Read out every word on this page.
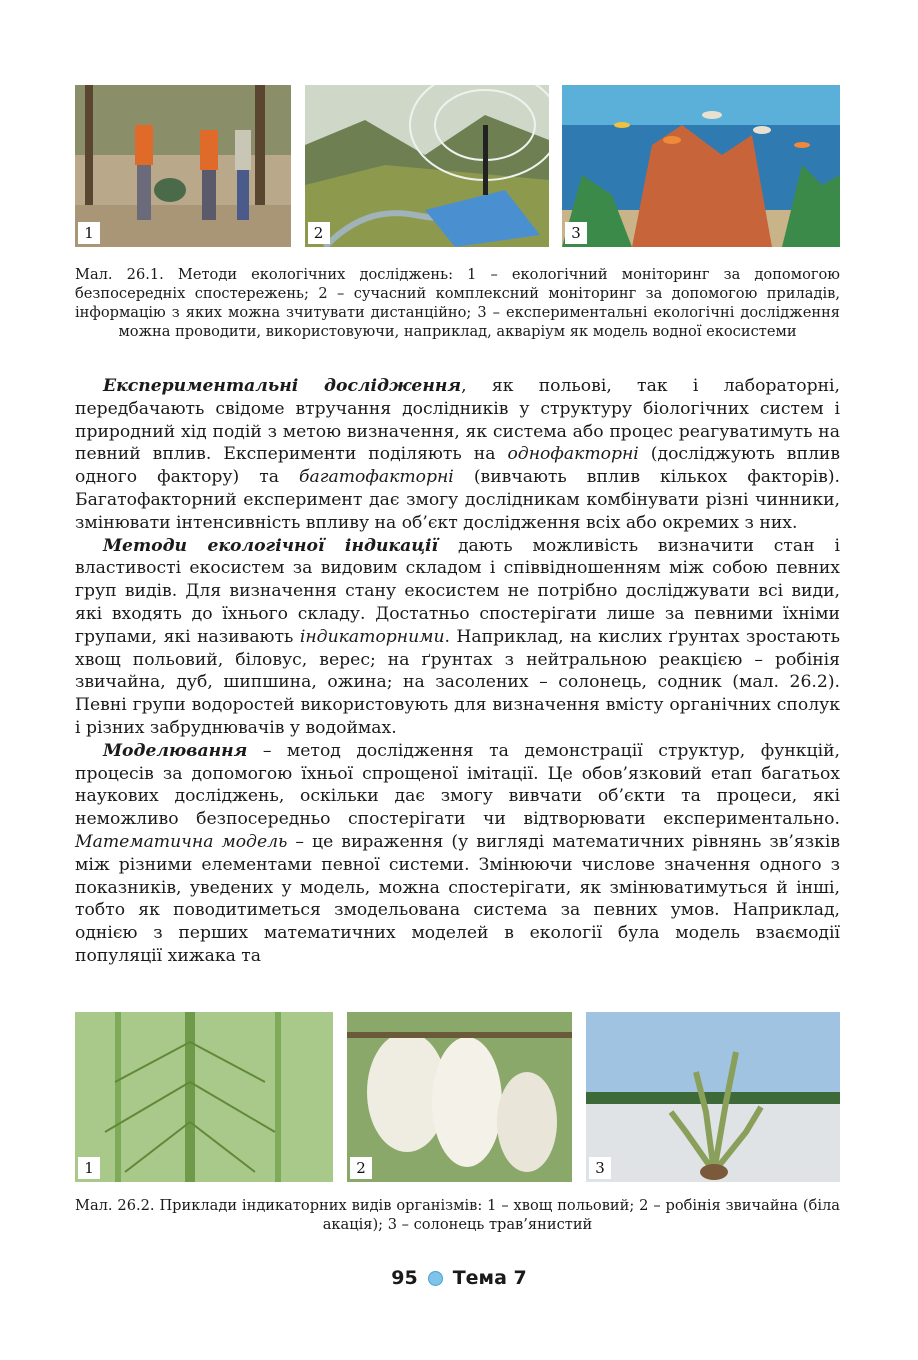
1	2	3
Мал. 26.1. Методи екологічних досліджень: 1 – екологічний моніторинг за допомогою безпосередніх спостережень; 2 – сучасний комплексний моніторинг за допомогою приладів, інформацію з яких можна зчитувати дистанційно; 3 – експериментальні екологічні дослідження можна проводити, використовуючи, наприклад, акваріум як модель водної екосистеми

Експериментальні дослідження, як польові, так і лабораторні, передбачають свідоме втручання дослідників у структуру біологічних систем і природний хід подій з метою визначення, як система або процес реагуватимуть на певний вплив. Експерименти поділяють на однофакторні (досліджують вплив одного фактору) та багатофакторні (вивчають вплив кількох факторів). Багатофакторний експеримент дає змогу дослідникам комбінувати різні чинники, змінювати інтенсивність впливу на об’єкт дослідження всіх або окремих з них.

Методи екологічної індикації дають можливість визначити стан і властивості екосистем за видовим складом і співвідношенням між собою певних груп видів. Для визначення стану екосистем не потрібно досліджувати всі види, які входять до їхнього складу. Достатньо спостерігати лише за певними їхніми групами, які називають індикаторними. Наприклад, на кислих ґрунтах зростають хвощ польовий, біловус, верес; на ґрунтах з нейтральною реакцією – робінія звичайна, дуб, шипшина, ожина; на засолених – солонець, содник (мал. 26.2). Певні групи водоростей використовують для визначення вмісту органічних сполук і різних забруднювачів у водоймах.

Моделювання – метод дослідження та демонстрації структур, функцій, процесів за допомогою їхньої спрощеної імітації. Це обов’язковий етап багатьох наукових досліджень, оскільки дає змогу вивчати об’єкти та процеси, які неможливо безпосередньо спостерігати чи відтворювати експериментально. Математична модель – це вираження (у вигляді математичних рівнянь зв’язків між різними елементами певної системи. Змінюючи числове значення одного з показників, уведених у модель, можна спостерігати, як змінюватимуться й інші, тобто як поводитиметься змодельована система за певних умов. Наприклад, однією з перших математичних моделей в екології була модель взаємодії популяції хижака та

1	2	3
Мал. 26.2. Приклади індикаторних видів організмів: 1 – хвощ польовий; 2 – робінія звичайна (біла акація); 3 – солонець трав’янистий
95 Тема 7
